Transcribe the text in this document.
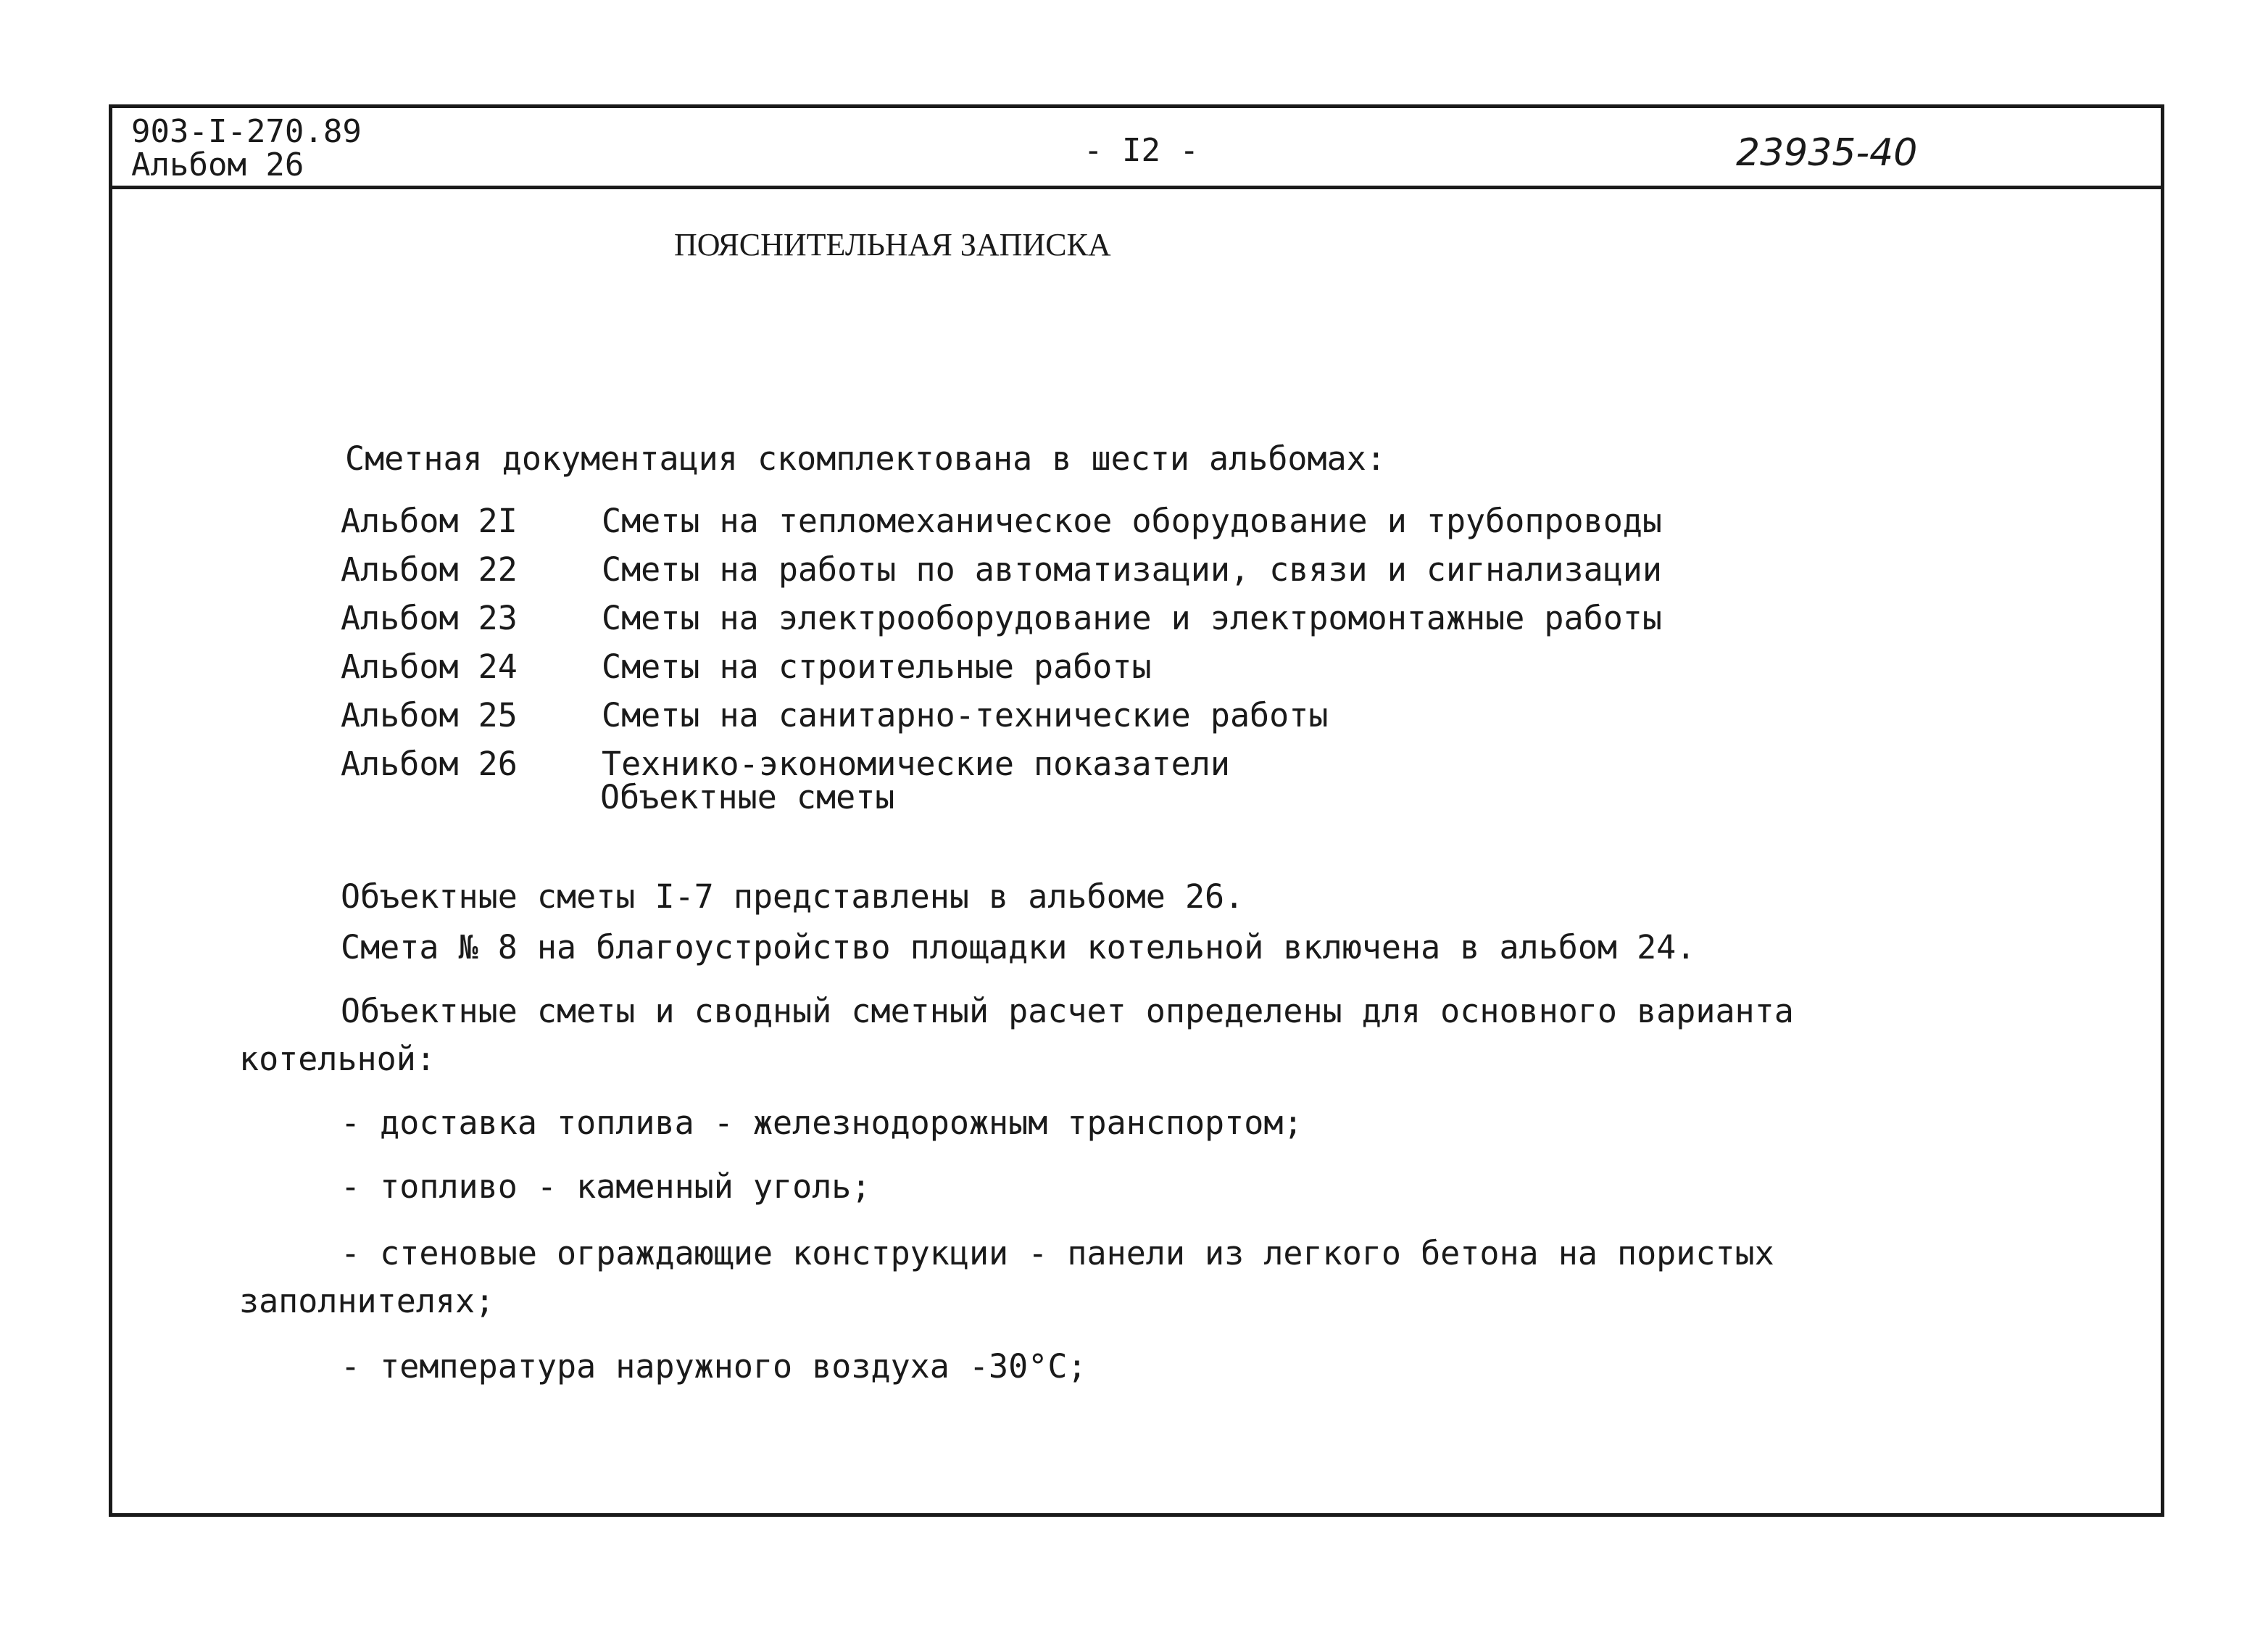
903-I-270.89
Альбом 26	- I2 -	23935-40
ПОЯСНИТЕЛЬНАЯ ЗАПИСКА
Сметная документация скомплектована в шести альбомах:
Альбом 2I	Сметы на тепломеханическое оборудование и трубопроводы
Альбом 22	Сметы на работы по автоматизации, связи и сигнализации
Альбом 23	Сметы на электрооборудование и электромонтажные работы
Альбом 24	Сметы на строительные работы
Альбом 25	Сметы на санитарно-технические работы
Альбом 26	Технико-экономические показатели
Объектные сметы
Объектные сметы I-7 представлены в альбоме 26.
Смета № 8 на благоустройство площадки котельной включена в альбом 24.
Объектные сметы и сводный сметный расчет определены для основного варианта
котельной:
- доставка топлива - железнодорожным транспортом;
- топливо - каменный уголь;
- стеновые ограждающие конструкции - панели из легкого бетона на пористых
заполнителях;
- температура наружного воздуха -30°С;
